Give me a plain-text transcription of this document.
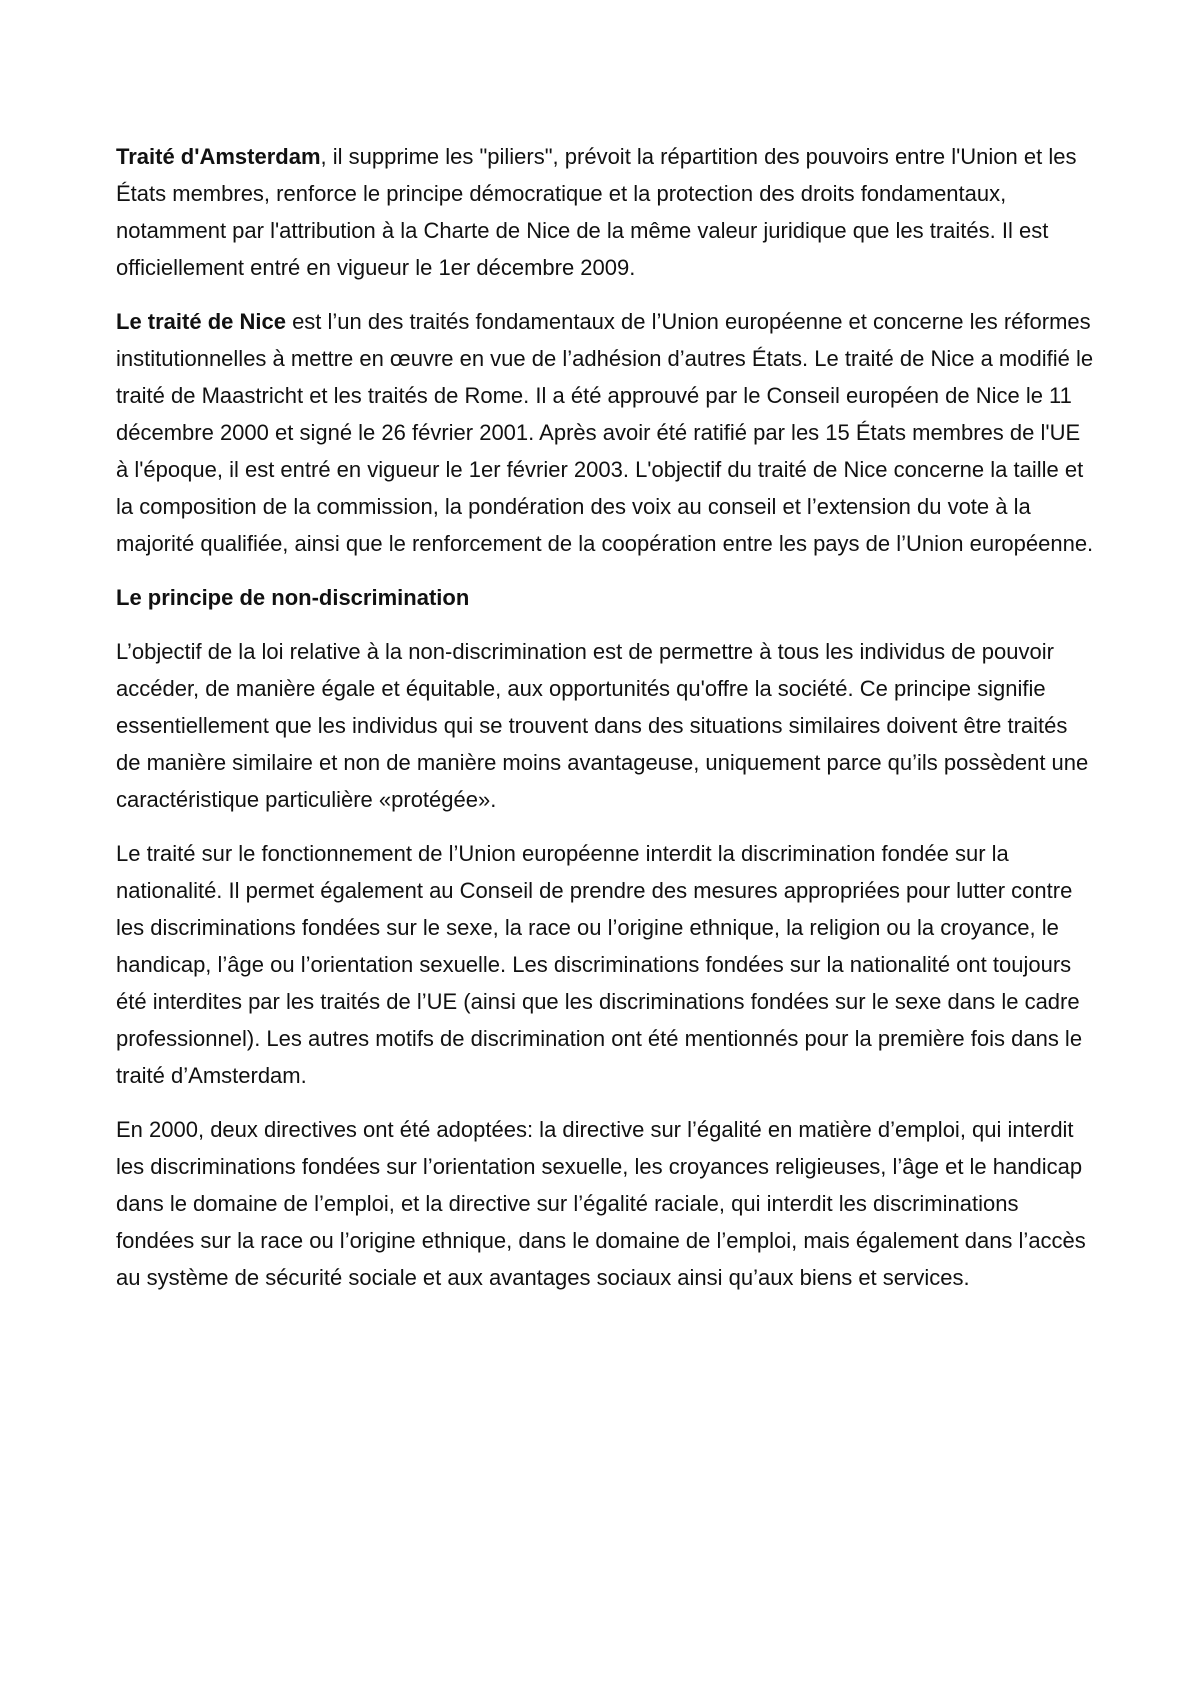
Traité d'Amsterdam, il supprime les "piliers", prévoit la répartition des pouvoirs entre l'Union et les États membres, renforce le principe démocratique et la protection des droits fondamentaux, notamment par l'attribution à la Charte de Nice de la même valeur juridique que les traités. Il est officiellement entré en vigueur le 1er décembre 2009.

Le traité de Nice est l’un des traités fondamentaux de l’Union européenne et concerne les réformes institutionnelles à mettre en œuvre en vue de l’adhésion d’autres États. Le traité de Nice a modifié le traité de Maastricht et les traités de Rome. Il a été approuvé par le Conseil européen de Nice le 11 décembre 2000 et signé le 26 février 2001. Après avoir été ratifié par les 15 États membres de l'UE à l'époque, il est entré en vigueur le 1er février 2003. L'objectif du traité de Nice concerne la taille et la composition de la commission, la pondération des voix au conseil et l’extension du vote à la majorité qualifiée, ainsi que le renforcement de la coopération entre les pays de l’Union européenne.

Le principe de non-discrimination

L’objectif de la loi relative à la non-discrimination est de permettre à tous les individus de pouvoir accéder, de manière égale et équitable, aux opportunités qu'offre la société. Ce principe signifie essentiellement que les individus qui se trouvent dans des situations similaires doivent être traités de manière similaire et non de manière moins avantageuse, uniquement parce qu’ils possèdent une caractéristique particulière «protégée».

Le traité sur le fonctionnement de l’Union européenne interdit la discrimination fondée sur la nationalité. Il permet également au Conseil de prendre des mesures appropriées pour lutter contre les discriminations fondées sur le sexe, la race ou l’origine ethnique, la religion ou la croyance, le handicap, l’âge ou l’orientation sexuelle. Les discriminations fondées sur la nationalité ont toujours été interdites par les traités de l’UE (ainsi que les discriminations fondées sur le sexe dans le cadre professionnel). Les autres motifs de discrimination ont été mentionnés pour la première fois dans le traité d’Amsterdam.

En 2000, deux directives ont été adoptées: la directive sur l’égalité en matière d’emploi, qui interdit les discriminations fondées sur l’orientation sexuelle, les croyances religieuses, l’âge et le handicap dans le domaine de l’emploi, et la directive sur l’égalité raciale, qui interdit les discriminations fondées sur la race ou l’origine ethnique, dans le domaine de l’emploi, mais également dans l’accès au système de sécurité sociale et aux avantages sociaux ainsi qu’aux biens et services.
